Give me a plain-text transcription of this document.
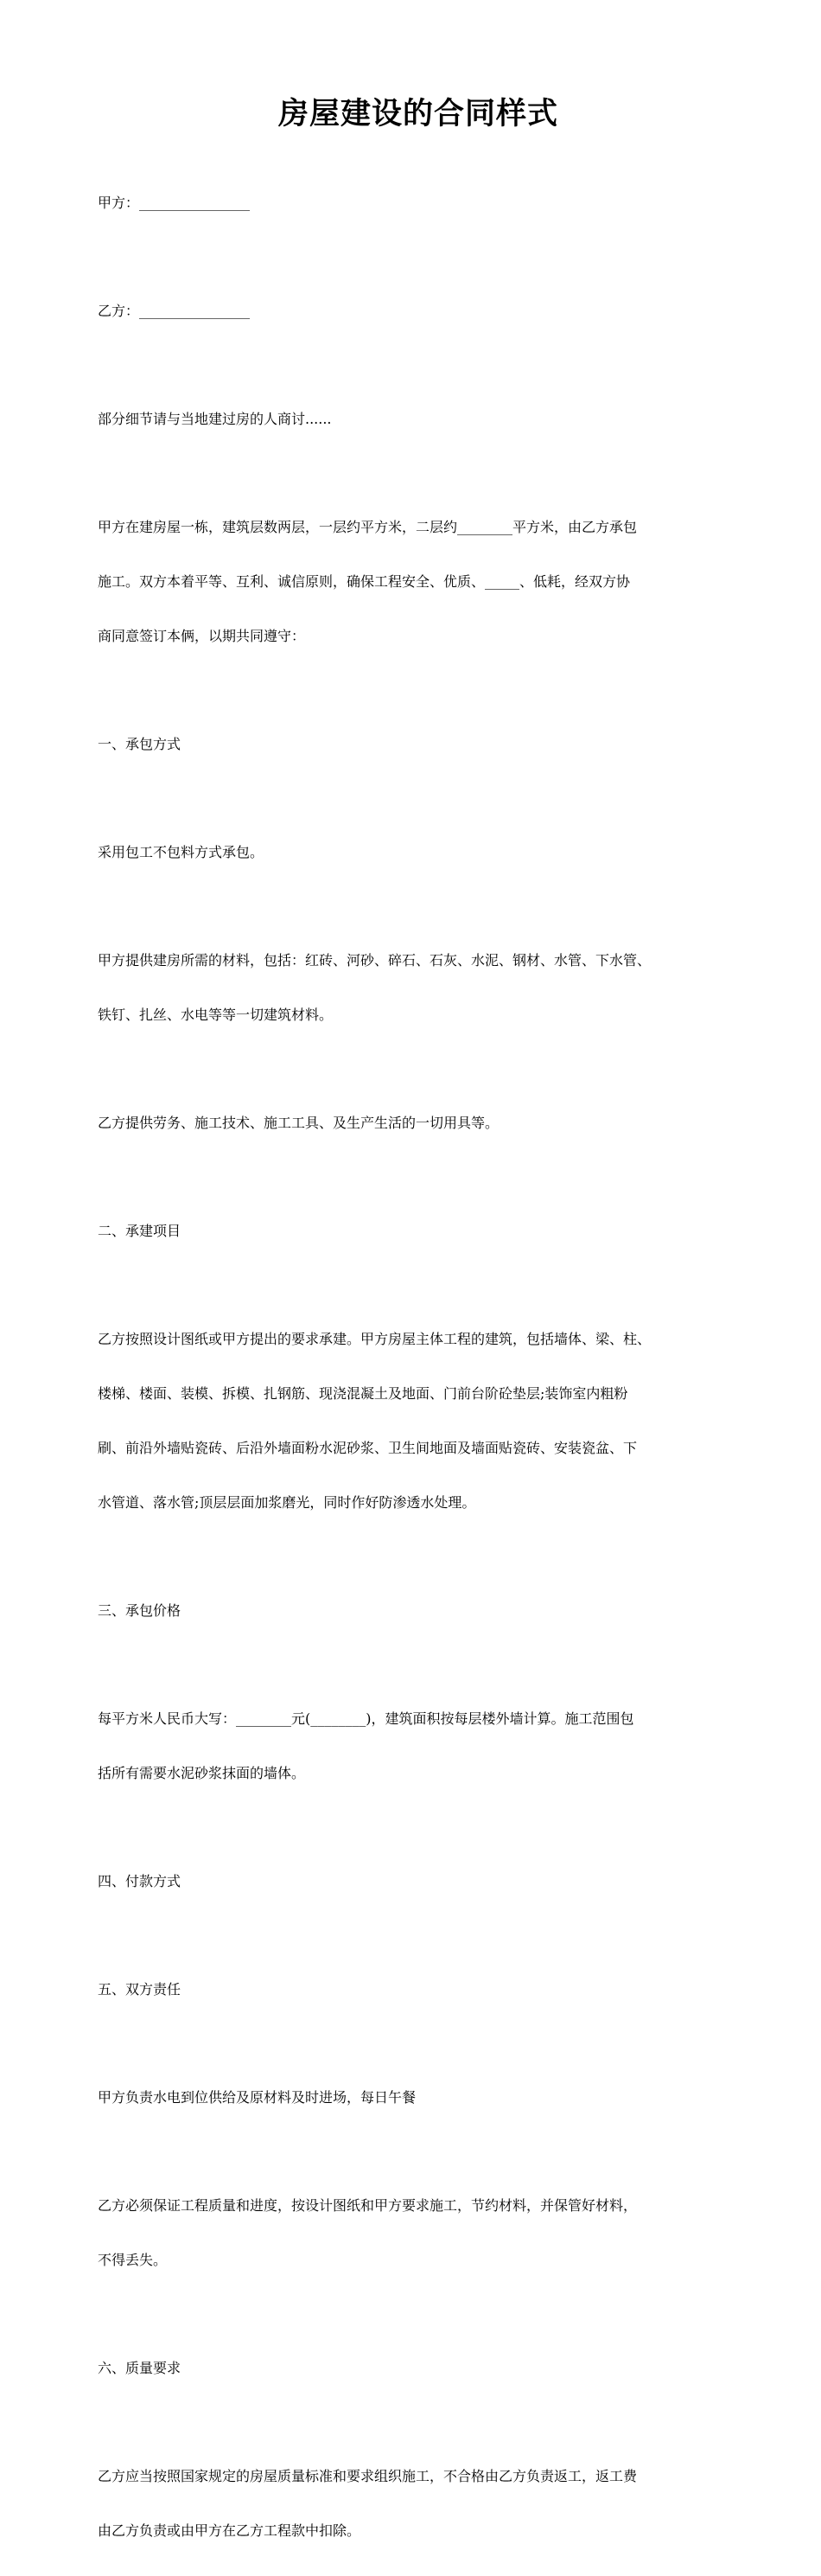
房屋建设的合同样式

甲方：________________

乙方：________________

部分细节请与当地建过房的人商讨......

甲方在建房屋一栋，建筑层数两层，一层约平方米，二层约________平方米，由乙方承包

施工。双方本着平等、互利、诚信原则，确保工程安全、优质、_____、低耗，经双方协

商同意签订本俩，以期共同遵守：

一、承包方式

采用包工不包料方式承包。

甲方提供建房所需的材料，包括：红砖、河砂、碎石、石灰、水泥、钢材、水管、下水管、

铁钉、扎丝、水电等等一切建筑材料。

乙方提供劳务、施工技术、施工工具、及生产生活的一切用具等。

二、承建项目

乙方按照设计图纸或甲方提出的要求承建。甲方房屋主体工程的建筑，包括墙体、梁、柱、

楼梯、楼面、装模、拆模、扎钢筋、现浇混凝土及地面、门前台阶砼垫层;装饰室内粗粉

刷、前沿外墙贴瓷砖、后沿外墙面粉水泥砂浆、卫生间地面及墙面贴瓷砖、安装瓷盆、下

水管道、落水管;顶层层面加浆磨光，同时作好防渗透水处理。

三、承包价格

每平方米人民币大写：________元(________)，建筑面积按每层楼外墙计算。施工范围包

括所有需要水泥砂浆抹面的墙体。

四、付款方式

五、双方责任

甲方负责水电到位供给及原材料及时进场，每日午餐

乙方必须保证工程质量和进度，按设计图纸和甲方要求施工，节约材料，并保管好材料，

不得丢失。

六、质量要求

乙方应当按照国家规定的房屋质量标准和要求组织施工，不合格由乙方负责返工，返工费

由乙方负责或由甲方在乙方工程款中扣除。
